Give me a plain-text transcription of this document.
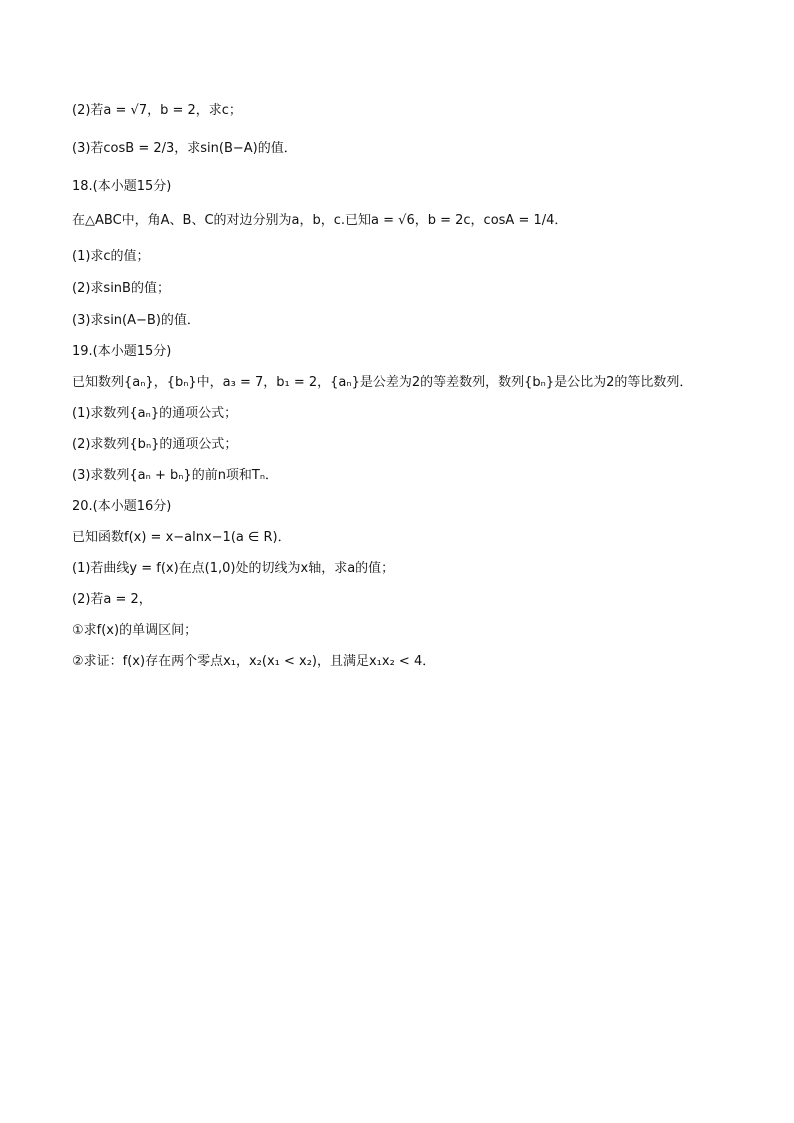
(2)若a = √7，b = 2，求c；
(3)若cosB = 2/3，求sin(B−A)的值．
18.(本小题15分)
在△ABC中，角A、B、C的对边分别为a，b，c.已知a = √6，b = 2c，cosA = 1/4．
(1)求c的值；
(2)求sinB的值；
(3)求sin(A−B)的值．
19.(本小题15分)
已知数列{aₙ}，{bₙ}中，a₃ = 7，b₁ = 2，{aₙ}是公差为2的等差数列，数列{bₙ}是公比为2的等比数列．
(1)求数列{aₙ}的通项公式；
(2)求数列{bₙ}的通项公式；
(3)求数列{aₙ + bₙ}的前n项和Tₙ．
20.(本小题16分)
已知函数f(x) = x−alnx−1(a ∈ R)．
(1)若曲线y = f(x)在点(1,0)处的切线为x轴，求a的值；
(2)若a = 2，
①求f(x)的单调区间；
②求证：f(x)存在两个零点x₁，x₂(x₁ < x₂)，且满足x₁x₂ < 4．
